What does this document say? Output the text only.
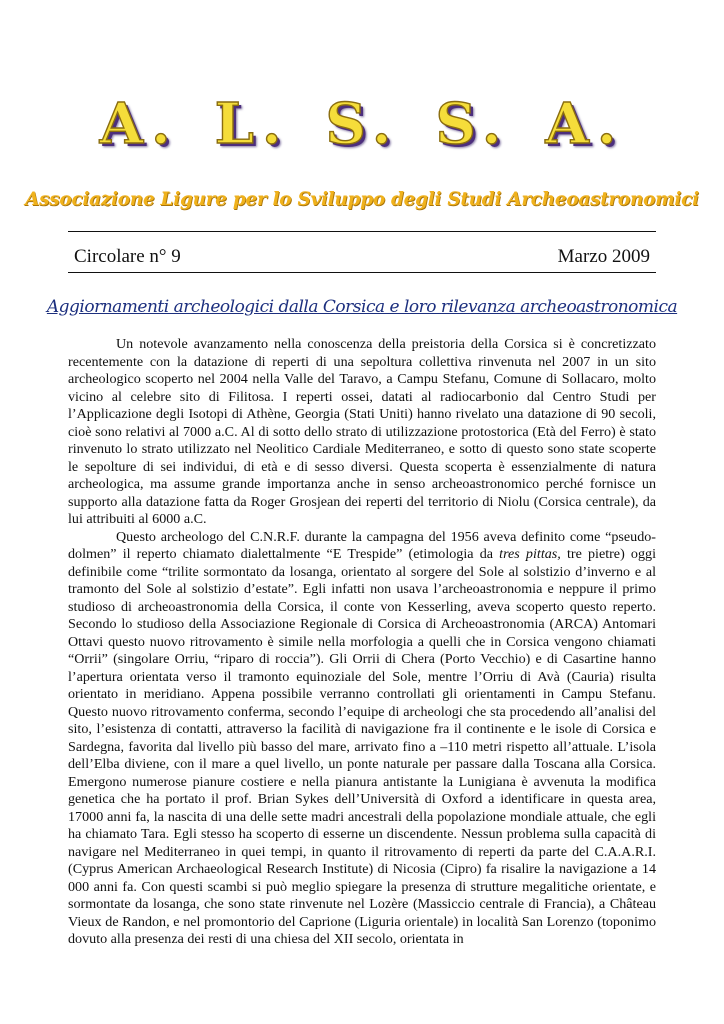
A. L. S. S. A.
Associazione Ligure per lo Sviluppo degli Studi Archeoastronomici
Circolare n° 9	Marzo 2009
Aggiornamenti archeologici dalla Corsica e loro rilevanza archeoastronomica

Un notevole avanzamento nella conoscenza della preistoria della Corsica si è concretizzato recentemente con la datazione di reperti di una sepoltura collettiva rinvenuta nel 2007 in un sito archeologico scoperto nel 2004 nella Valle del Taravo, a Campu Stefanu, Comune di Sollacaro, molto vicino al celebre sito di Filitosa. I reperti ossei, datati al radiocarbonio dal Centro Studi per l’Applicazione degli Isotopi di Athène, Georgia (Stati Uniti) hanno rivelato una datazione di 90 secoli, cioè sono relativi al 7000 a.C. Al di sotto dello strato di utilizzazione protostorica (Età del Ferro) è stato rinvenuto lo strato utilizzato nel Neolitico Cardiale Mediterraneo, e sotto di questo sono state scoperte le sepolture di sei individui, di età e di sesso diversi. Questa scoperta è essenzialmente di natura archeologica, ma assume grande importanza anche in senso archeoastronomico perché fornisce un supporto alla datazione fatta da Roger Grosjean dei reperti del territorio di Niolu (Corsica centrale), da lui attribuiti al 6000 a.C.

Questo archeologo del C.N.R.F. durante la campagna del 1956 aveva definito come “pseudo-dolmen” il reperto chiamato dialettalmente “E Trespide” (etimologia da tres pittas, tre pietre) oggi definibile come “trilite sormontato da losanga, orientato al sorgere del Sole al solstizio d’inverno e al tramonto del Sole al solstizio d’estate”. Egli infatti non usava l’archeoastronomia e neppure il primo studioso di archeoastronomia della Corsica, il conte von Kesserling, aveva scoperto questo reperto. Secondo lo studioso della Associazione Regionale di Corsica di Archeoastronomia (ARCA) Antomari Ottavi questo nuovo ritrovamento è simile nella morfologia a quelli che in Corsica vengono chiamati “Orrii” (singolare Orriu, “riparo di roccia”). Gli Orrii di Chera (Porto Vecchio) e di Casartine hanno l’apertura orientata verso il tramonto equinoziale del Sole, mentre l’Orriu di Avà (Cauria) risulta orientato in meridiano. Appena possibile verranno controllati gli orientamenti in Campu Stefanu. Questo nuovo ritrovamento conferma, secondo l’equipe di archeologi che sta procedendo all’analisi del sito, l’esistenza di contatti, attraverso la facilità di navigazione fra il continente e le isole di Corsica e Sardegna, favorita dal livello più basso del mare, arrivato fino a –110 metri rispetto all’attuale. L’isola dell’Elba diviene, con il mare a quel livello, un ponte naturale per passare dalla Toscana alla Corsica. Emergono numerose pianure costiere e nella pianura antistante la Lunigiana è avvenuta la modifica genetica che ha portato il prof. Brian Sykes dell’Università di Oxford a identificare in questa area, 17000 anni fa, la nascita di una delle sette madri ancestrali della popolazione mondiale attuale, che egli ha chiamato Tara. Egli stesso ha scoperto di esserne un discendente. Nessun problema sulla capacità di navigare nel Mediterraneo in quei tempi, in quanto il ritrovamento di reperti da parte del C.A.A.R.I. (Cyprus American Archaeological Research Institute) di Nicosia (Cipro) fa risalire la navigazione a 14 000 anni fa. Con questi scambi si può meglio spiegare la presenza di strutture megalitiche orientate, e sormontate da losanga, che sono state rinvenute nel Lozère (Massiccio centrale di Francia), a Château Vieux de Randon, e nel promontorio del Caprione (Liguria orientale) in località San Lorenzo (toponimo dovuto alla presenza dei resti di una chiesa del XII secolo, orientata in
